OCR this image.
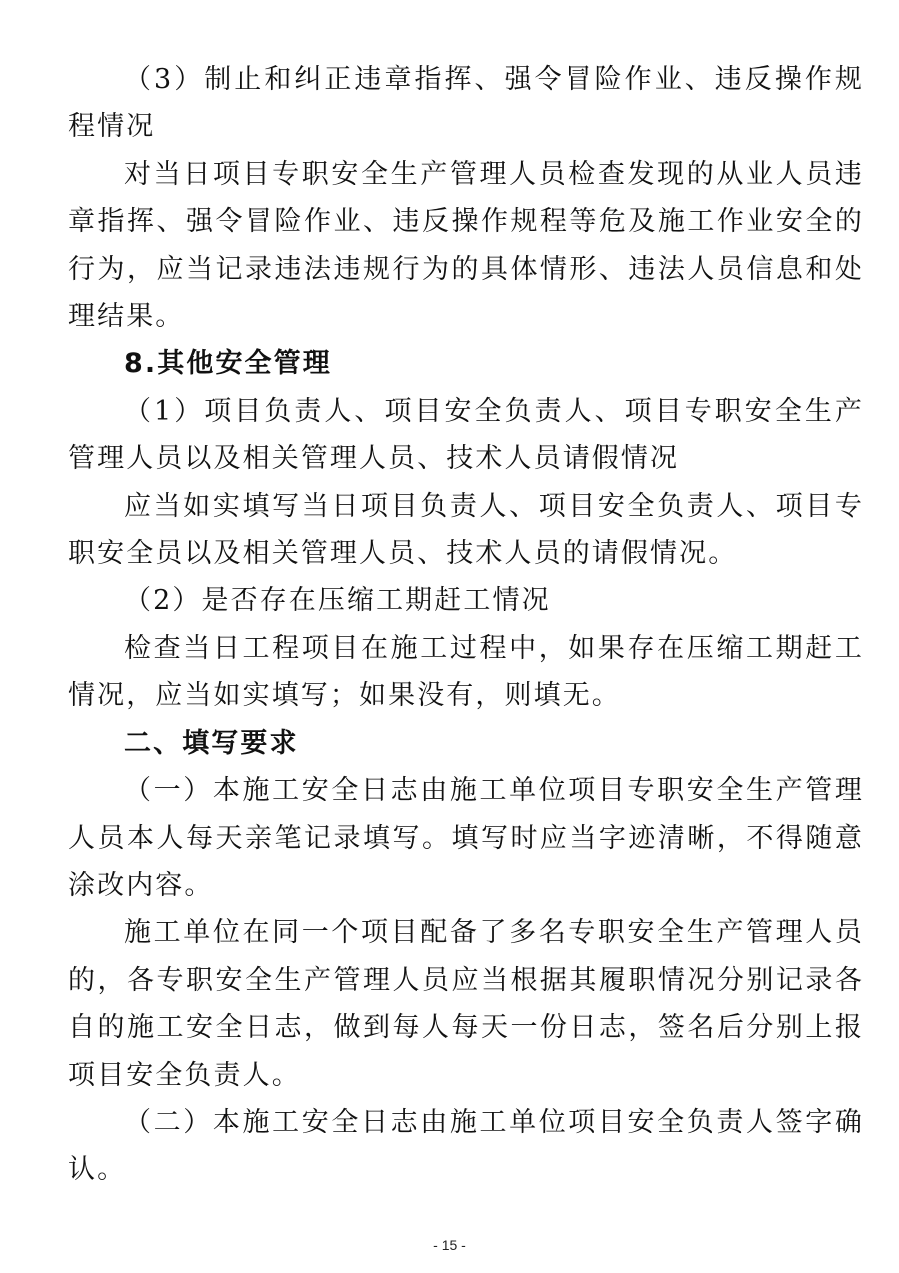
（3）制止和纠正违章指挥、强令冒险作业、违反操作规程情况

对当日项目专职安全生产管理人员检查发现的从业人员违章指挥、强令冒险作业、违反操作规程等危及施工作业安全的行为，应当记录违法违规行为的具体情形、违法人员信息和处理结果。

8.其他安全管理

（1）项目负责人、项目安全负责人、项目专职安全生产管理人员以及相关管理人员、技术人员请假情况

应当如实填写当日项目负责人、项目安全负责人、项目专职安全员以及相关管理人员、技术人员的请假情况。

（2）是否存在压缩工期赶工情况

检查当日工程项目在施工过程中，如果存在压缩工期赶工情况，应当如实填写；如果没有，则填无。

二、填写要求

（一）本施工安全日志由施工单位项目专职安全生产管理人员本人每天亲笔记录填写。填写时应当字迹清晰，不得随意涂改内容。

施工单位在同一个项目配备了多名专职安全生产管理人员的，各专职安全生产管理人员应当根据其履职情况分别记录各自的施工安全日志，做到每人每天一份日志，签名后分别上报项目安全负责人。

（二）本施工安全日志由施工单位项目安全负责人签字确认。

- 15 -
